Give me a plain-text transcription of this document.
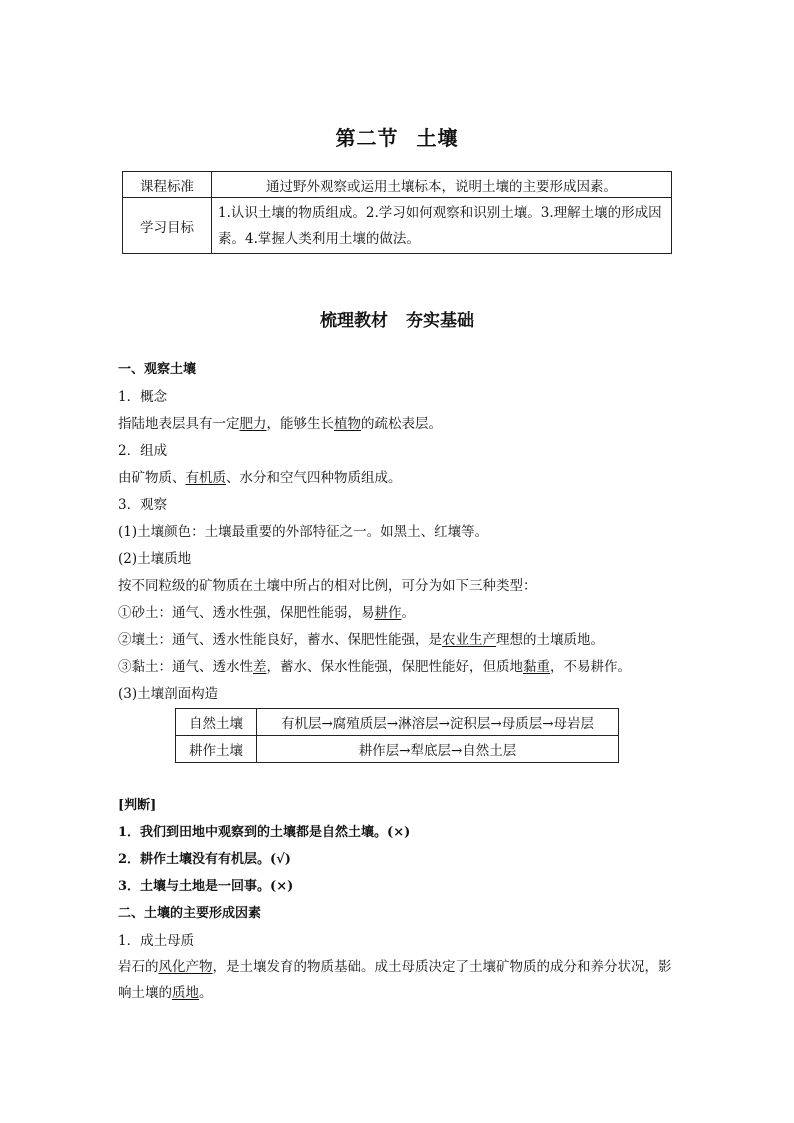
第二节 土壤
课程标准	通过野外观察或运用土壤标本，说明土壤的主要形成因素。
学习目标	1.认识土壤的物质组成。2.学习如何观察和识别土壤。3.理解土壤的形成因素。4.掌握人类利用土壤的做法。
梳理教材 夯实基础
一、观察土壤
1．概念
指陆地表层具有一定肥力，能够生长植物的疏松表层。
2．组成
由矿物质、有机质、水分和空气四种物质组成。
3．观察
(1)土壤颜色：土壤最重要的外部特征之一。如黑土、红壤等。
(2)土壤质地
按不同粒级的矿物质在土壤中所占的相对比例，可分为如下三种类型：
①砂土：通气、透水性强，保肥性能弱，易耕作。
②壤土：通气、透水性能良好，蓄水、保肥性能强，是农业生产理想的土壤质地。
③黏土：通气、透水性差，蓄水、保水性能强，保肥性能好，但质地黏重，不易耕作。
(3)土壤剖面构造
自然土壤	有机层→腐殖质层→淋溶层→淀积层→母质层→母岩层
耕作土壤	耕作层→犁底层→自然土层
[判断]
1．我们到田地中观察到的土壤都是自然土壤。(×)
2．耕作土壤没有有机层。(√)
3．土壤与土地是一回事。(×)
二、土壤的主要形成因素
1．成土母质
岩石的风化产物，是土壤发育的物质基础。成土母质决定了土壤矿物质的成分和养分状况，影响土壤的质地。
